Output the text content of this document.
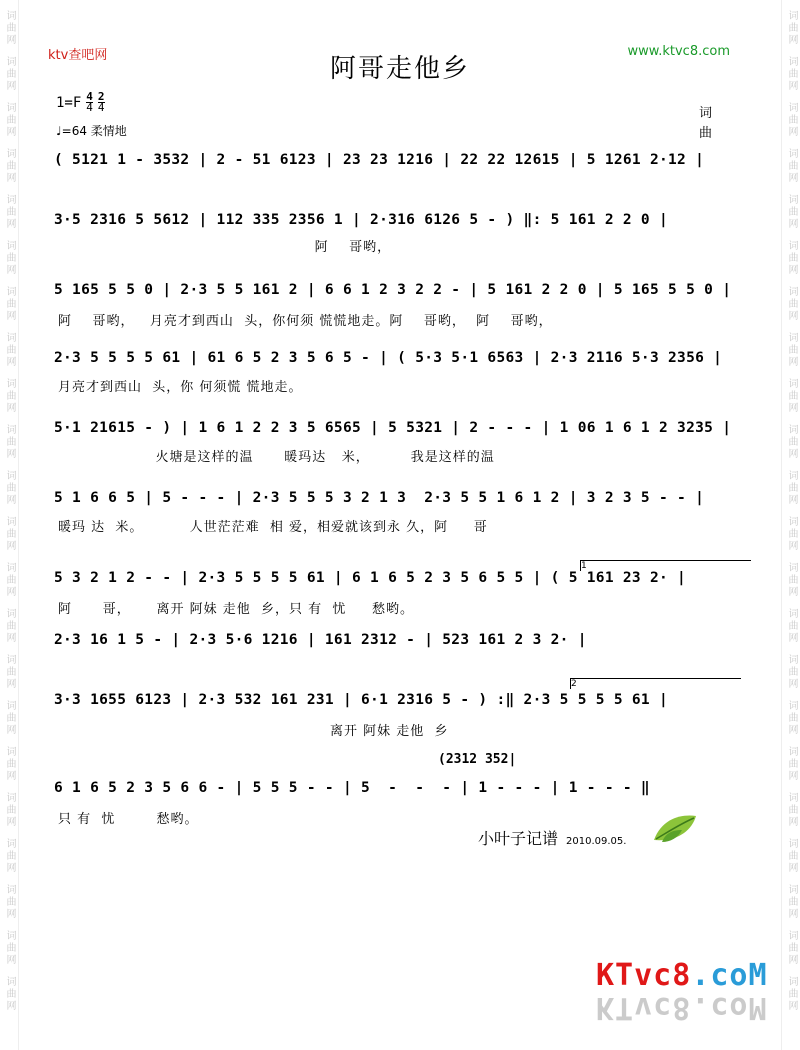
词曲网
词曲网
词曲网
词曲网
词曲网
词曲网
词曲网
词曲网
词曲网
词曲网
词曲网
词曲网
词曲网
词曲网
词曲网
词曲网
词曲网
词曲网
词曲网
词曲网
词曲网
词曲网
词曲网
词曲网
词曲网
词曲网
词曲网
词曲网
词曲网
词曲网
词曲网
词曲网
词曲网
词曲网
词曲网
词曲网
词曲网
词曲网
词曲网
词曲网
词曲网
词曲网
词曲网
词曲网
ktv查吧网	www.ktvc8.com
阿哥走他乡
$1=F \frac{4}{4} \frac{2}{4}$
♩=64 柔情地
词
曲
( 5121 1 - 3532 | 2 - 51 6123 | 23 23 1216 | 22 22 12615 | 5 1261 2·12 |
3·5 2316 5 5612 | 112 335 2356 1 | 2·316 6126 5 - ) ‖: 5 161 2 2 0 |
阿    哥哟，
5 165 5 5 0 | 2·3 5 5 161 2 | 6 6 1 2 3 2 2 - | 5 161 2 2 0 | 5 165 5 5 0 |
阿    哥哟，   月亮才到西山  头，你何须 慌慌地走。阿    哥哟，  阿    哥哟，
2·3 5 5 5 5 61 | 61 6 5 2 3 5 6 5 - | ( 5·3 5·1 6563 | 2·3 2116 5·3 2356 |
月亮才到西山  头，你 何须慌 慌地走。
5·1 21615 - ) | 1 6 1 2 2 3 5 6565 | 5 5321 | 2 - - - | 1 06 1 6 1 2 3235 |
火塘是这样的温      暖玛达   米，        我是这样的温
5 1 6 6 5 | 5 - - - | 2·3 5 5 5 3 2 1 3  2·3 5 5 1 6 1 2 | 3 2 3 5 - - |
暖玛 达  米。         人世茫茫难  相 爱，相爱就该到永 久，阿     哥
1
5 3 2 1 2 - - | 2·3 5 5 5 5 61 | 6 1 6 5 2 3 5 6 5 5 | ( 5 161 23 2· |
阿      哥，     离开 阿妹 走他  乡，只 有  忧     愁哟。
2·3 16 1 5 - | 2·3 5·6 1216 | 161 2312 - | 523 161 2 3 2· |
2
3·3 1655 6123 | 2·3 532 161 231 | 6·1 2316 5 - ) :‖ 2·3 5 5 5 5 61 |
离开 阿妹 走他  乡
(2312 352|
6 1 6 5 2 3 5 6 6 - | 5 5 5 - - | 5  -  -  - | 1 - - - | 1 - - - ‖
只 有  忧        愁哟。
小叶子记谱 2010.09.05.
KTvc8.coM
KTvc8.coM
